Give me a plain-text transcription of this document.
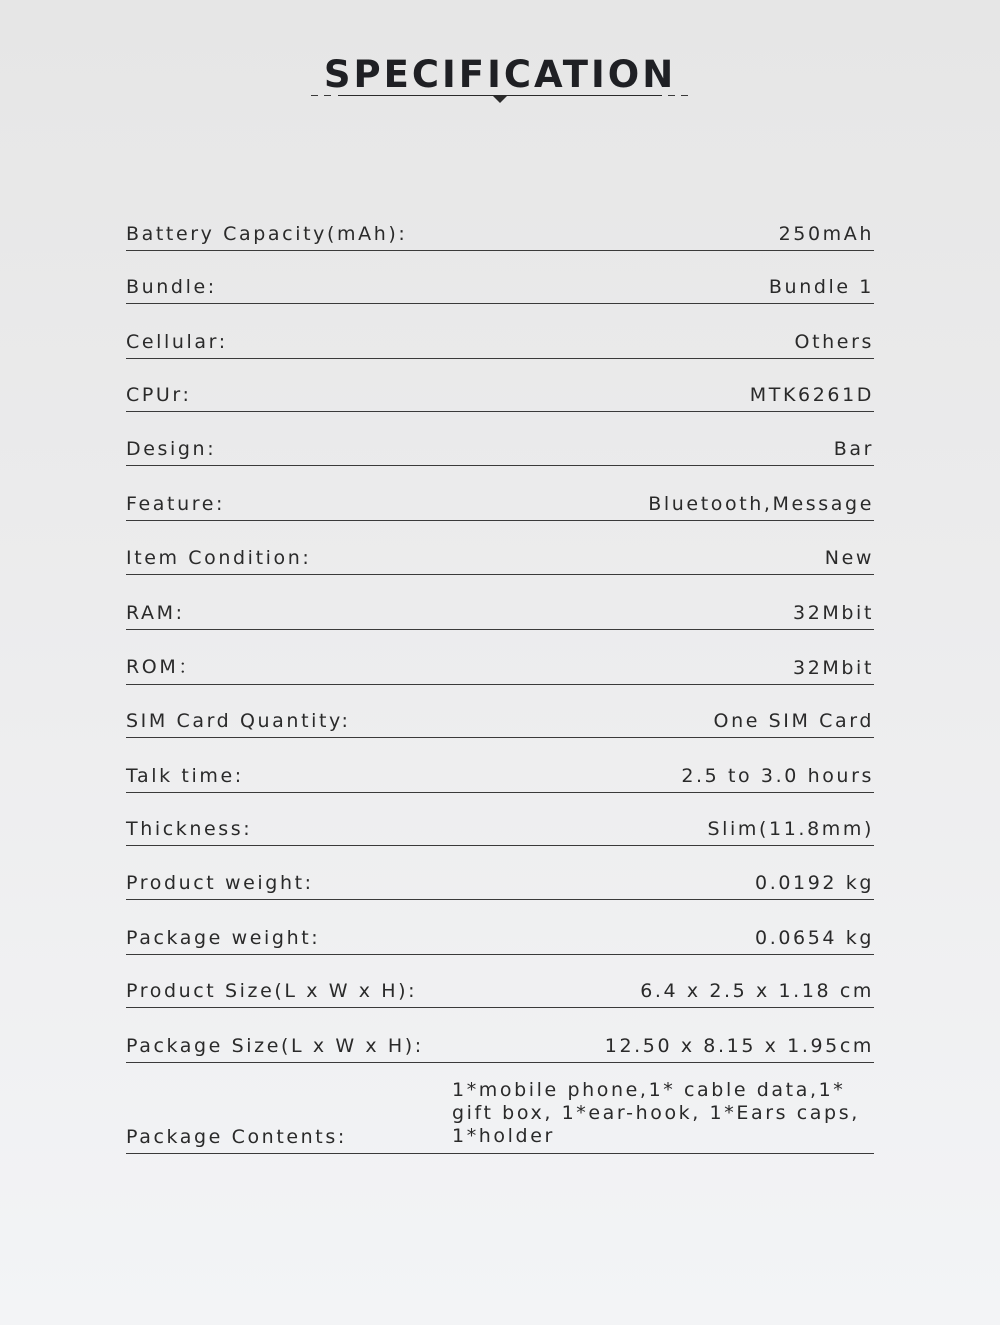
SPECIFICATION
Battery Capacity(mAh):	250mAh
Bundle:	Bundle 1
Cellular:	Others
CPUr:	MTK6261D
Design:	Bar
Feature:	Bluetooth,Message
Item Condition:	New
RAM:	32Mbit
ROM：	32Mbit
SIM Card Quantity:	One SIM Card
Talk time:	2.5 to 3.0 hours
Thickness:	Slim(11.8mm)
Product weight:	0.0192 kg
Package weight:	0.0654 kg
Product Size(L x W x H):	6.4 x 2.5 x 1.18 cm
Package Size(L x W x H):	12.50 x 8.15 x 1.95cm
Package Contents:
1*mobile phone,1* cable data,1* gift box, 1*ear-hook, 1*Ears caps, 1*holder
